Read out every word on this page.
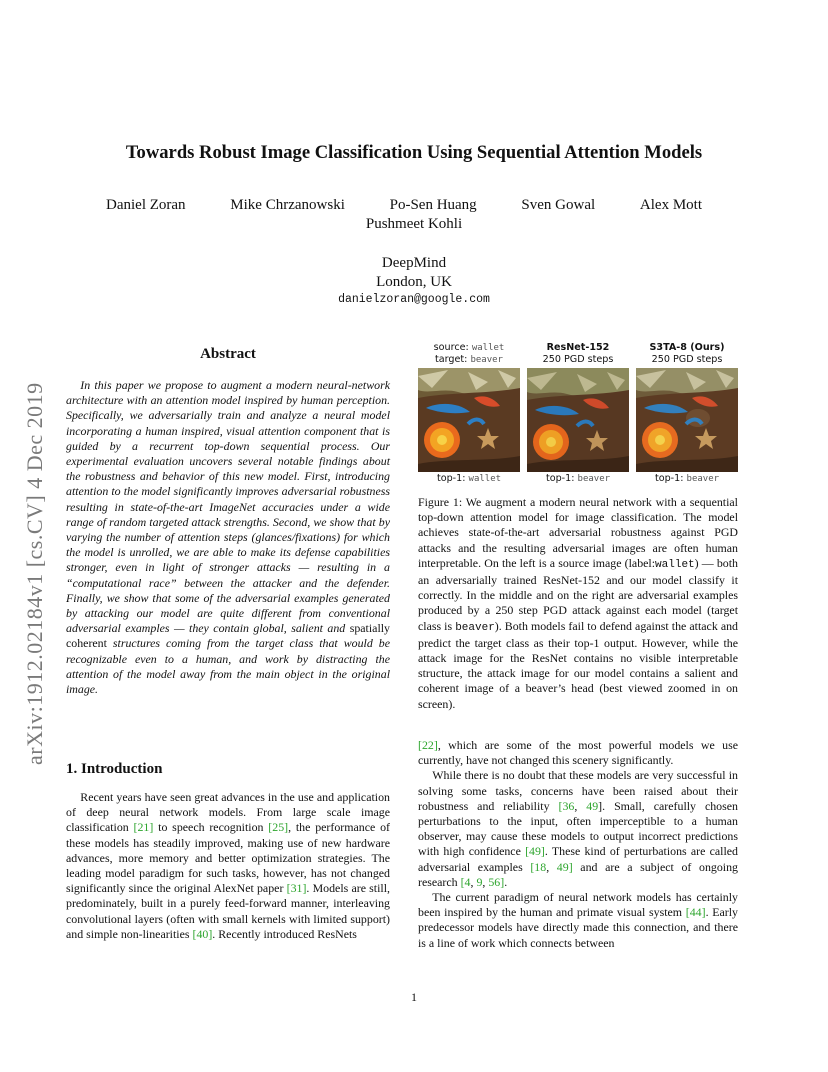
arXiv:1912.02184v1 [cs.CV] 4 Dec 2019
Towards Robust Image Classification Using Sequential Attention Models
Daniel Zoran	Mike Chrzanowski	Po-Sen Huang	Sven Gowal	Alex Mott
Pushmeet Kohli
DeepMind
London, UK
danielzoran@google.com
Abstract

In this paper we propose to augment a modern neural-network architecture with an attention model inspired by human perception. Specifically, we adversarially train and analyze a neural model incorporating a human inspired, visual attention component that is guided by a recurrent top-down sequential process. Our experimental evaluation uncovers several notable findings about the robustness and behavior of this new model. First, introducing attention to the model significantly improves adversarial robustness resulting in state-of-the-art ImageNet accuracies under a wide range of random targeted attack strengths. Second, we show that by varying the number of attention steps (glances/fixations) for which the model is unrolled, we are able to make its defense capabilities stronger, even in light of stronger attacks — resulting in a “computational race” between the attacker and the defender. Finally, we show that some of the adversarial examples generated by attacking our model are quite different from conventional adversarial examples — they contain global, salient and spatially coherent structures coming from the target class that would be recognizable even to a human, and work by distracting the attention of the model away from the main object in the original image.

1. Introduction

Recent years have seen great advances in the use and application of deep neural network models. From large scale image classification [21] to speech recognition [25], the performance of these models has steadily improved, making use of new hardware advances, more memory and better optimization strategies. The leading model paradigm for such tasks, however, has not changed significantly since the original AlexNet paper [31]. Models are still, predominately, built in a purely feed-forward manner, interleaving convolutional layers (often with small kernels with limited support) and simple non-linearities [40]. Recently introduced ResNets

source: wallet
target: beaver
top-1: wallet
ResNet-152
250 PGD steps
top-1: beaver
S3TA-8 (Ours)
250 PGD steps
top-1: beaver

Figure 1: We augment a modern neural network with a sequential top-down attention model for image classification. The model achieves state-of-the-art adversarial robustness against PGD attacks and the resulting adversarial images are often human interpretable. On the left is a source image (label:wallet) — both an adversarially trained ResNet-152 and our model classify it correctly. In the middle and on the right are adversarial examples produced by a 250 step PGD attack against each model (target class is beaver). Both models fail to defend against the attack and predict the target class as their top-1 output. However, while the attack image for the ResNet contains no visible interpretable structure, the attack image for our model contains a salient and coherent image of a beaver’s head (best viewed zoomed in on screen).

[22], which are some of the most powerful models we use currently, have not changed this scenery significantly.

While there is no doubt that these models are very successful in solving some tasks, concerns have been raised about their robustness and reliability [36, 49]. Small, carefully chosen perturbations to the input, often imperceptible to a human observer, may cause these models to output incorrect predictions with high confidence [49]. These kind of perturbations are called adversarial examples [18, 49] and are a subject of ongoing research [4, 9, 56].

The current paradigm of neural network models has certainly been inspired by the human and primate visual system [44]. Early predecessor models have directly made this connection, and there is a line of work which connects between

1
